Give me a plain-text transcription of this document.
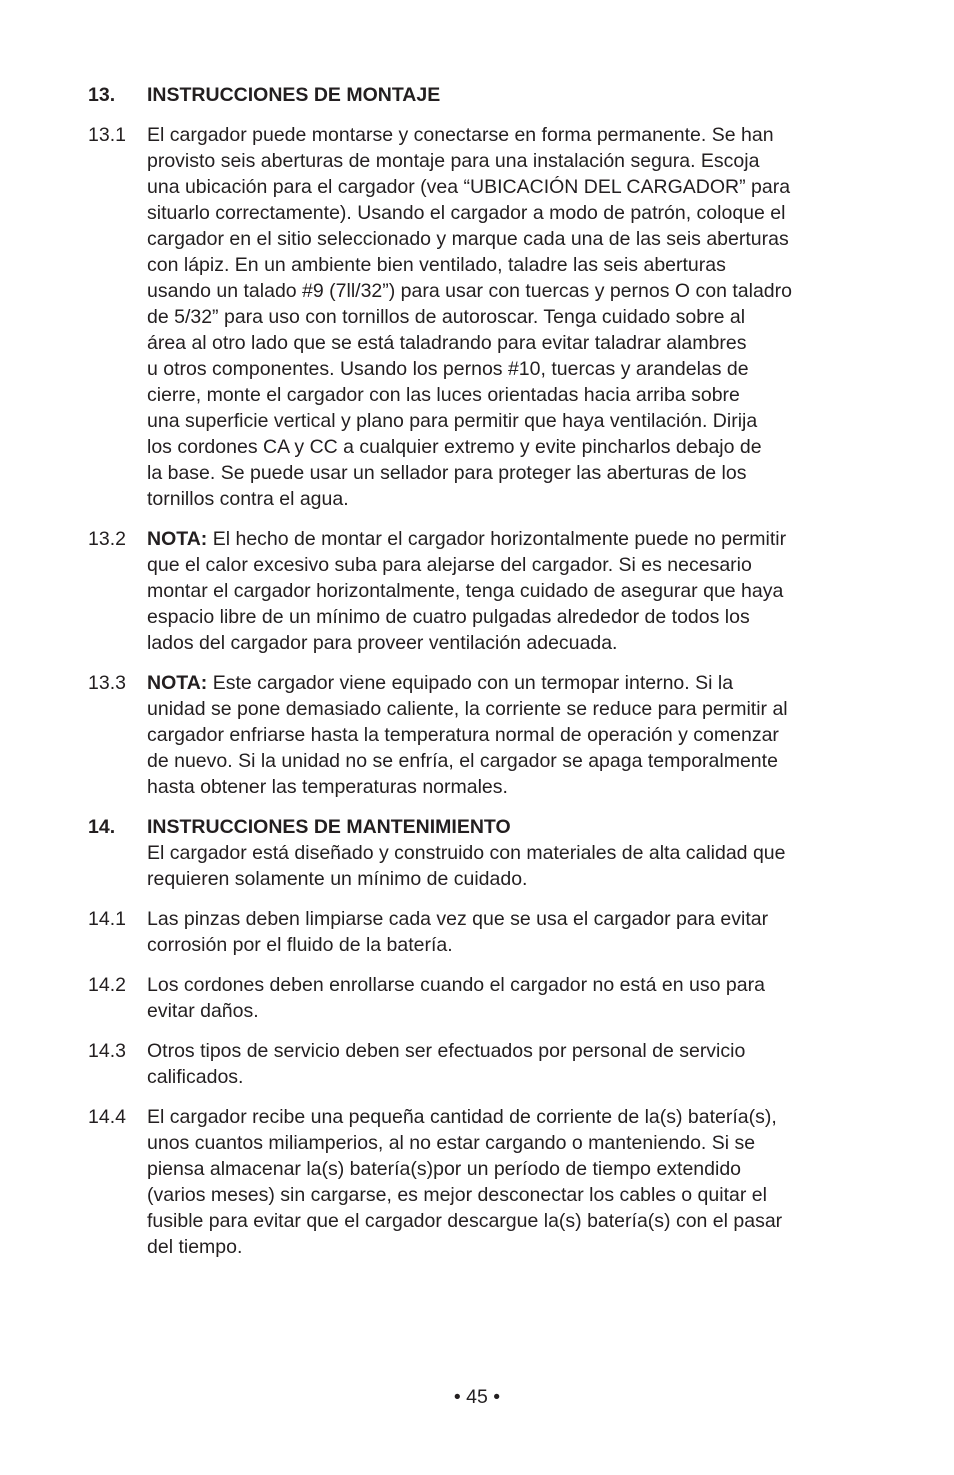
13. INSTRUCCIONES DE MONTAJE
13.1 El cargador puede montarse y conectarse en forma permanente. Se han
provisto seis aberturas de montaje para una instalación segura. Escoja
una ubicación para el cargador (vea “UBICACIÓN DEL CARGADOR” para
situarlo correctamente). Usando el cargador a modo de patrón, coloque el
cargador en el sitio seleccionado y marque cada una de las seis aberturas
con lápiz. En un ambiente bien ventilado, taladre las seis aberturas
usando un talado #9 (7ll/32”) para usar con tuercas y pernos O con taladro
de 5/32” para uso con tornillos de autoroscar. Tenga cuidado sobre al
área al otro lado que se está taladrando para evitar taladrar alambres
u otros componentes. Usando los pernos #10, tuercas y arandelas de
cierre, monte el cargador con las luces orientadas hacia arriba sobre
una superficie vertical y plano para permitir que haya ventilación. Dirija
los cordones CA y CC a cualquier extremo y evite pincharlos debajo de
la base. Se puede usar un sellador para proteger las aberturas de los
tornillos contra el agua.
13.2 NOTA: El hecho de montar el cargador horizontalmente puede no permitir
que el calor excesivo suba para alejarse del cargador. Si es necesario
montar el cargador horizontalmente, tenga cuidado de asegurar que haya
espacio libre de un mínimo de cuatro pulgadas alrededor de todos los
lados del cargador para proveer ventilación adecuada.
13.3 NOTA: Este cargador viene equipado con un termopar interno. Si la
unidad se pone demasiado caliente, la corriente se reduce para permitir al
cargador enfriarse hasta la temperatura normal de operación y comenzar
de nuevo. Si la unidad no se enfría, el cargador se apaga temporalmente
hasta obtener las temperaturas normales.
14. INSTRUCCIONES DE MANTENIMIENTO
El cargador está diseñado y construido con materiales de alta calidad que
requieren solamente un mínimo de cuidado.
14.1 Las pinzas deben limpiarse cada vez que se usa el cargador para evitar
corrosión por el fluido de la batería.
14.2 Los cordones deben enrollarse cuando el cargador no está en uso para
evitar daños.
14.3 Otros tipos de servicio deben ser efectuados por personal de servicio
calificados.
14.4 El cargador recibe una pequeña cantidad de corriente de la(s) batería(s),
unos cuantos miliamperios, al no estar cargando o manteniendo. Si se
piensa almacenar la(s) batería(s)por un período de tiempo extendido
(varios meses) sin cargarse, es mejor desconectar los cables o quitar el
fusible para evitar que el cargador descargue la(s) batería(s) con el pasar
del tiempo.
• 45 •
